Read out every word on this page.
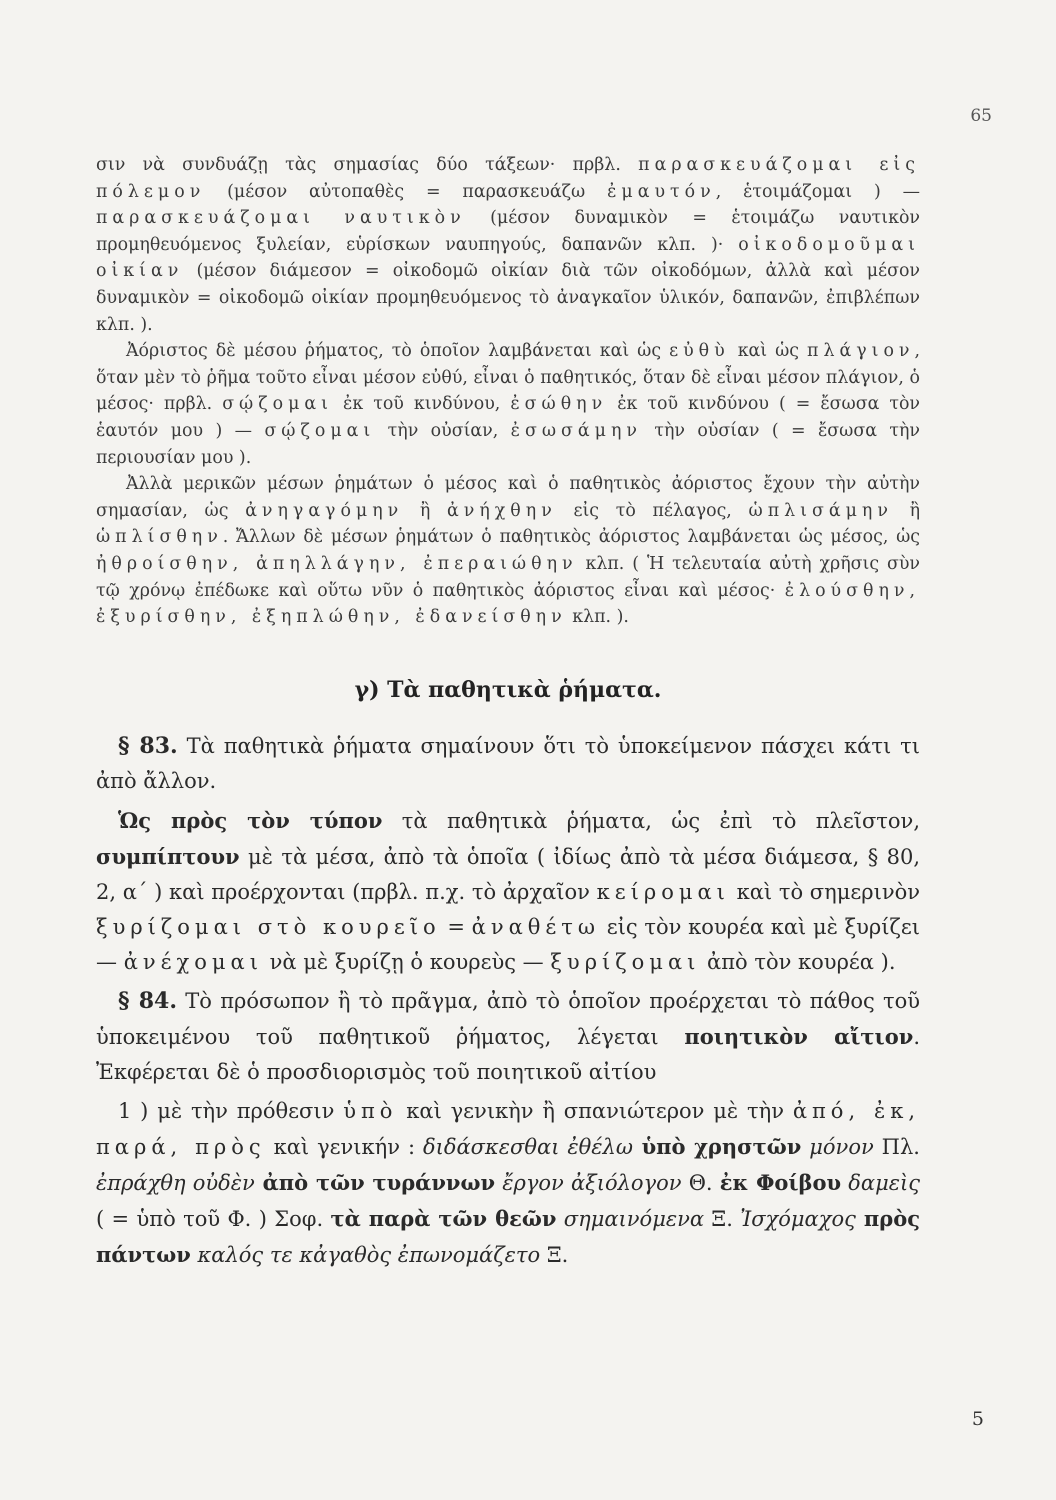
65

σιν νὰ συνδυάζῃ τὰς σημασίας δύο τάξεων· πρβλ. παρασκευάζομαι εἰς πόλεμον (μέσον αὐτοπαθὲς = παρασκευάζω ἐμαυτόν, ἑτοιμάζομαι ) — παρασκευάζομαι ναυτικὸν (μέσον δυναμικὸν = ἑτοιμάζω ναυτικὸν προμηθευόμενος ξυλείαν, εὑρίσκων ναυπηγούς, δαπανῶν κλπ. )· οἰκοδομοῦμαι οἰκίαν (μέσον διάμεσον = οἰκοδομῶ οἰκίαν διὰ τῶν οἰκοδόμων, ἀλλὰ καὶ μέσον δυναμικὸν = οἰκοδομῶ οἰκίαν προμηθευόμενος τὸ ἀναγκαῖον ὑλικόν, δαπανῶν, ἐπιβλέπων κλπ. ).

Ἀόριστος δὲ μέσου ῥήματος, τὸ ὁποῖον λαμβάνεται καὶ ὡς εὐθὺ καὶ ὡς πλάγιον, ὅταν μὲν τὸ ῥῆμα τοῦτο εἶναι μέσον εὐθύ, εἶναι ὁ παθητικός, ὅταν δὲ εἶναι μέσον πλάγιον, ὁ μέσος· πρβλ. σῴζομαι ἐκ τοῦ κινδύνου, ἐσώθην ἐκ τοῦ κινδύνου ( = ἔσωσα τὸν ἑαυτόν μου ) — σῴζομαι τὴν οὐσίαν, ἐσωσάμην τὴν οὐσίαν ( = ἔσωσα τὴν περιουσίαν μου ).

Ἀλλὰ μερικῶν μέσων ῥημάτων ὁ μέσος καὶ ὁ παθητικὸς ἀόριστος ἔχουν τὴν αὐτὴν σημασίαν, ὡς ἀνηγαγόμην ἢ ἀνήχθην εἰς τὸ πέλαγος, ὡπλισάμην ἢ ὡπλίσθην. Ἄλλων δὲ μέσων ῥημάτων ὁ παθητικὸς ἀόριστος λαμβάνεται ὡς μέσος, ὡς ἠθροίσθην, ἀπηλλάγην, ἐπεραιώθην κλπ. ( Ἡ τελευταία αὐτὴ χρῆσις σὺν τῷ χρόνῳ ἐπέδωκε καὶ οὕτω νῦν ὁ παθητικὸς ἀόριστος εἶναι καὶ μέσος· ἐλούσθην, ἐξυρίσθην, ἐξηπλώθην, ἐδανείσθην κλπ. ).

γ) Τὰ παθητικὰ ῥήματα.

§ 83. Τὰ παθητικὰ ῥήματα σημαίνουν ὅτι τὸ ὑποκείμενον πάσχει κάτι τι ἀπὸ ἄλλον.

Ὡς πρὸς τὸν τύπον τὰ παθητικὰ ῥήματα, ὡς ἐπὶ τὸ πλεῖστον, συμπίπτουν μὲ τὰ μέσα, ἀπὸ τὰ ὁποῖα ( ἰδίως ἀπὸ τὰ μέσα διάμεσα, § 80, 2, α΄ ) καὶ προέρχονται (πρβλ. π.χ. τὸ ἀρχαῖον κείρομαι καὶ τὸ σημερινὸν ξυρίζομαι στὸ κουρεῖο = ἀναθέτω εἰς τὸν κουρέα καὶ μὲ ξυρίζει — ἀνέχομαι νὰ μὲ ξυρίζῃ ὁ κουρεὺς — ξυρίζομαι ἀπὸ τὸν κουρέα ).

§ 84. Τὸ πρόσωπον ἢ τὸ πρᾶγμα, ἀπὸ τὸ ὁποῖον προέρχεται τὸ πάθος τοῦ ὑποκειμένου τοῦ παθητικοῦ ῥήματος, λέγεται ποιητικὸν αἴτιον. Ἐκφέρεται δὲ ὁ προσδιορισμὸς τοῦ ποιητικοῦ αἰτίου

1 ) μὲ τὴν πρόθεσιν ὑπὸ καὶ γενικὴν ἢ σπανιώτερον μὲ τὴν ἀπό, ἐκ, παρά, πρὸς καὶ γενικήν : διδάσκεσθαι ἐθέλω ὑπὸ χρηστῶν μόνον Πλ. ἐπράχθη οὐδὲν ἀπὸ τῶν τυράννων ἔργον ἀξιόλογον Θ. ἐκ Φοίβου δαμεὶς ( = ὑπὸ τοῦ Φ. ) Σοφ. τὰ παρὰ τῶν θεῶν σημαινόμενα Ξ. Ἰσχόμαχος πρὸς πάντων καλός τε κἀγαθὸς ἐπωνομάζετο Ξ.

5
